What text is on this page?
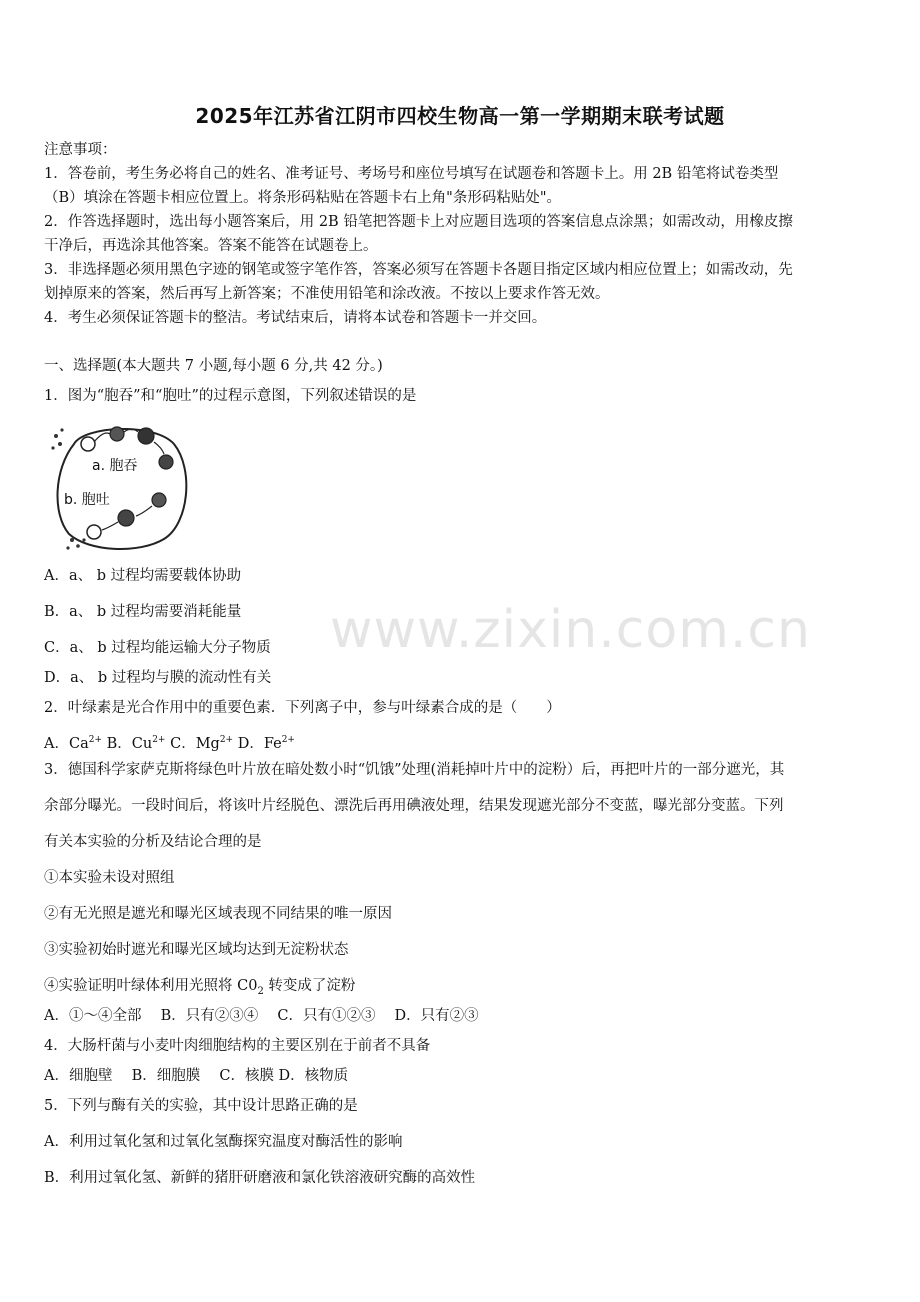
2025年江苏省江阴市四校生物高一第一学期期末联考试题
注意事项：
1．答卷前，考生务必将自己的姓名、准考证号、考场号和座位号填写在试题卷和答题卡上。用 2B 铅笔将试卷类型
（B）填涂在答题卡相应位置上。将条形码粘贴在答题卡右上角"条形码粘贴处"。
2．作答选择题时，选出每小题答案后，用 2B 铅笔把答题卡上对应题目选项的答案信息点涂黑；如需改动，用橡皮擦
干净后，再选涂其他答案。答案不能答在试题卷上。
3．非选择题必须用黑色字迹的钢笔或签字笔作答，答案必须写在答题卡各题目指定区域内相应位置上；如需改动，先
划掉原来的答案，然后再写上新答案；不准使用铅笔和涂改液。不按以上要求作答无效。
4．考生必须保证答题卡的整洁。考试结束后，请将本试卷和答题卡一并交回。
一、选择题(本大题共 7 小题,每小题 6 分,共 42 分。)
1．图为“胞吞”和“胞吐”的过程示意图，下列叙述错误的是
a. 胞吞
b. 胞吐
A．a、 b 过程均需要载体协助
B．a、 b 过程均需要消耗能量
C．a、 b 过程均能运输大分子物质
D．a、 b 过程均与膜的流动性有关
2．叶绿素是光合作用中的重要色素．下列离子中，参与叶绿素合成的是（　　）
A．$Ca^{2+}$ B．$Cu^{2+}$ C．$Mg^{2+}$ D．$Fe^{2+}$
3．德国科学家萨克斯将绿色叶片放在暗处数小时“饥饿”处理(消耗掉叶片中的淀粉）后，再把叶片的一部分遮光，其
余部分曝光。一段时间后，将该叶片经脱色、漂洗后再用碘液处理，结果发现遮光部分不变蓝，曝光部分变蓝。下列
有关本实验的分析及结论合理的是
①本实验未设对照组
②有无光照是遮光和曝光区域表现不同结果的唯一原因
③实验初始时遮光和曝光区域均达到无淀粉状态
④实验证明叶绿体利用光照将 $C0_2$ 转变成了淀粉
A．①～④全部　 B．只有②③④　 C．只有①②③　 D．只有②③
4．大肠杆菌与小麦叶肉细胞结构的主要区别在于前者不具备
A．细胞壁　 B．细胞膜　 C．核膜 D．核物质
5．下列与酶有关的实验，其中设计思路正确的是
A．利用过氧化氢和过氧化氢酶探究温度对酶活性的影响
B．利用过氧化氢、新鲜的猪肝研磨液和氯化铁溶液研究酶的高效性
www.zixin.com.cn
